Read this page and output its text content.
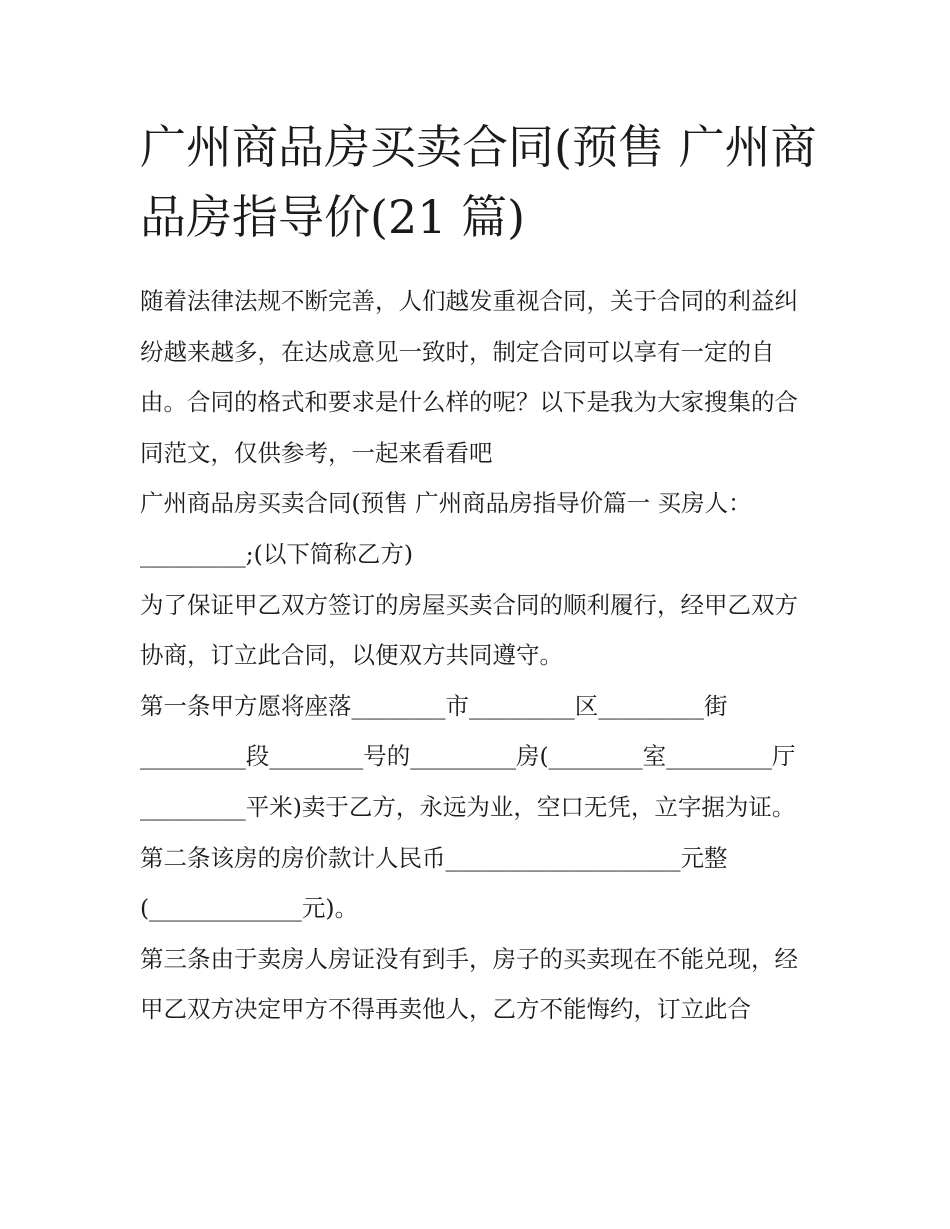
广州商品房买卖合同(预售 广州商品房指导价(21 篇)

随着法律法规不断完善，人们越发重视合同，关于合同的利益纠纷越来越多，在达成意见一致时，制定合同可以享有一定的自由。合同的格式和要求是什么样的呢？以下是我为大家搜集的合同范文，仅供参考，一起来看看吧

广州商品房买卖合同(预售 广州商品房指导价篇一 买房人：_________;(以下简称乙方)

为了保证甲乙双方签订的房屋买卖合同的顺利履行，经甲乙双方协商，订立此合同，以便双方共同遵守。

第一条甲方愿将座落________市_________区_________街_________段________号的_________房(________室_________厅_________平米)卖于乙方，永远为业，空口无凭，立字据为证。

第二条该房的房价款计人民币____________________元整(_____________元)。

第三条由于卖房人房证没有到手，房子的买卖现在不能兑现，经甲乙双方决定甲方不得再卖他人，乙方不能悔约，订立此合
